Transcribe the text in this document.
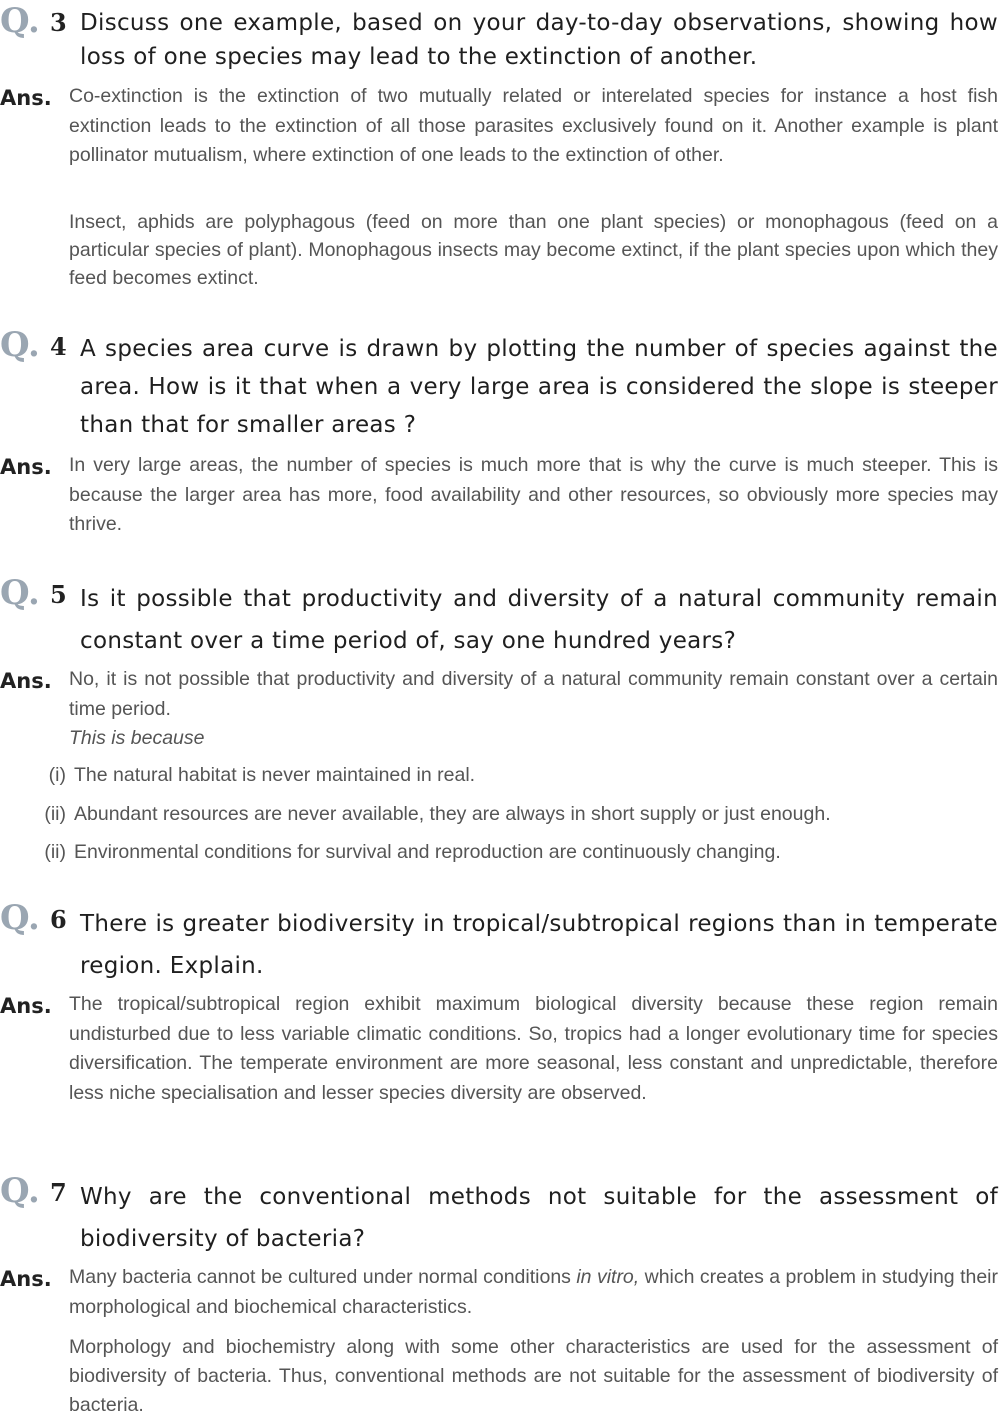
Q. 3 Discuss one example, based on your day-to-day observations, showing how loss of one species may lead to the extinction of another.
Ans. Co-extinction is the extinction of two mutually related or interelated species for instance a host fish extinction leads to the extinction of all those parasites exclusively found on it. Another example is plant pollinator mutualism, where extinction of one leads to the extinction of other.

Insect, aphids are polyphagous (feed on more than one plant species) or monophagous (feed on a particular species of plant). Monophagous insects may become extinct, if the plant species upon which they feed becomes extinct.

Q. 4 A species area curve is drawn by plotting the number of species against the area. How is it that when a very large area is considered the slope is steeper than that for smaller areas ?
Ans. In very large areas, the number of species is much more that is why the curve is much steeper. This is because the larger area has more, food availability and other resources, so obviously more species may thrive.

Q. 5 Is it possible that productivity and diversity of a natural community remain constant over a time period of, say one hundred years?
Ans. No, it is not possible that productivity and diversity of a natural community remain constant over a certain time period.

This is because

(i) The natural habitat is never maintained in real.
(ii) Abundant resources are never available, they are always in short supply or just enough.
(ii) Environmental conditions for survival and reproduction are continuously changing.
Q. 6 There is greater biodiversity in tropical/subtropical regions than in temperate region. Explain.
Ans. The tropical/subtropical region exhibit maximum biological diversity because these region remain undisturbed due to less variable climatic conditions. So, tropics had a longer evolutionary time for species diversification. The temperate environment are more seasonal, less constant and unpredictable, therefore less niche specialisation and lesser species diversity are observed.

Q. 7 Why are the conventional methods not suitable for the assessment of biodiversity of bacteria?
Ans. Many bacteria cannot be cultured under normal conditions in vitro, which creates a problem in studying their morphological and biochemical characteristics.

Morphology and biochemistry along with some other characteristics are used for the assessment of biodiversity of bacteria. Thus, conventional methods are not suitable for the assessment of biodiversity of bacteria.
